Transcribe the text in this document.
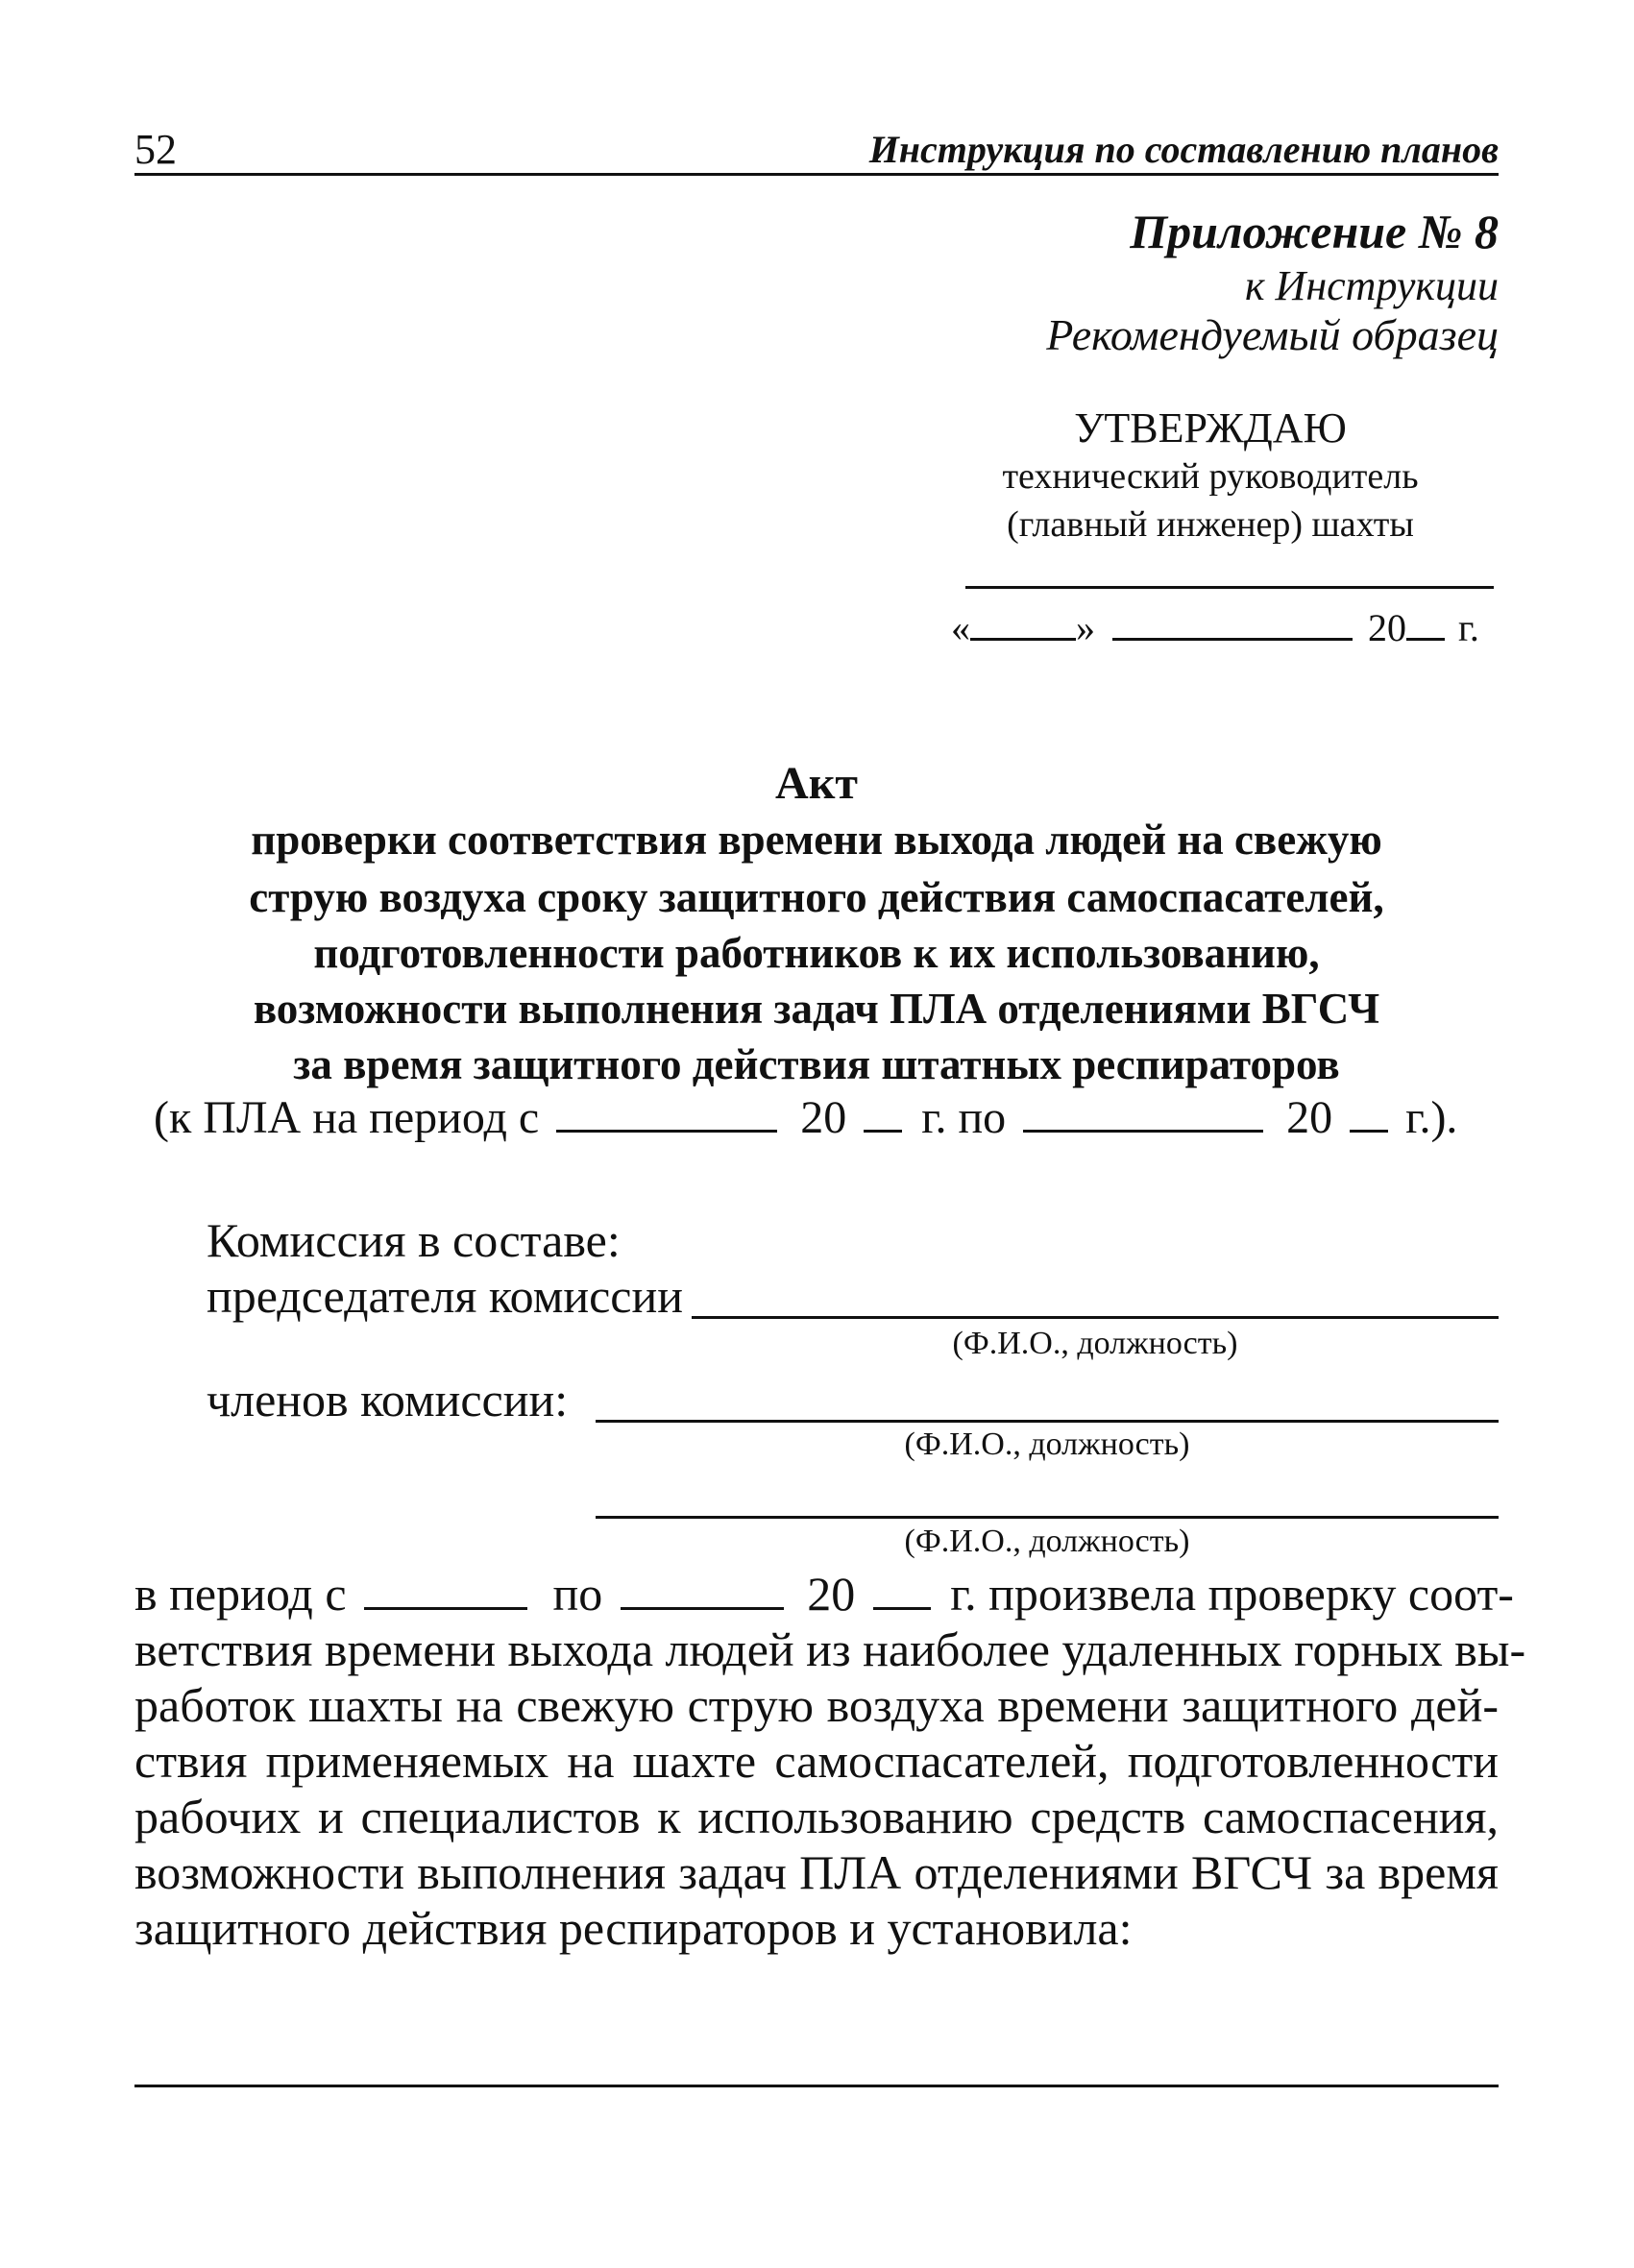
52	Инструкция по составлению планов
Приложение № 8
к Инструкции
Рекомендуемый образец
УТВЕРЖДАЮ
технический руководитель
(главный инженер) шахты
«	»	20 г.
Акт
проверки соответствия времени выхода людей на свежую
струю воздуха сроку защитного действия самоспасателей,
подготовленности работников к их использованию,
возможности выполнения задач ПЛА отделениями ВГСЧ
за время защитного действия штатных респираторов
(к ПЛА на период с	20 г. по	20 г.).
Комиссия в составе:
председателя комиссии
(Ф.И.О., должность)
членов комиссии:
(Ф.И.О., должность)
(Ф.И.О., должность)
в период с	по	20 г. произвела проверку соот-
ветствия времени выхода людей из наиболее удаленных горных вы-
работок шахты на свежую струю воздуха времени защитного дей-
ствия применяемых на шахте самоспасателей, подготовленности
рабочих и специалистов к использованию средств самоспасения,
возможности выполнения задач ПЛА отделениями ВГСЧ за время
защитного действия респираторов и установила:
